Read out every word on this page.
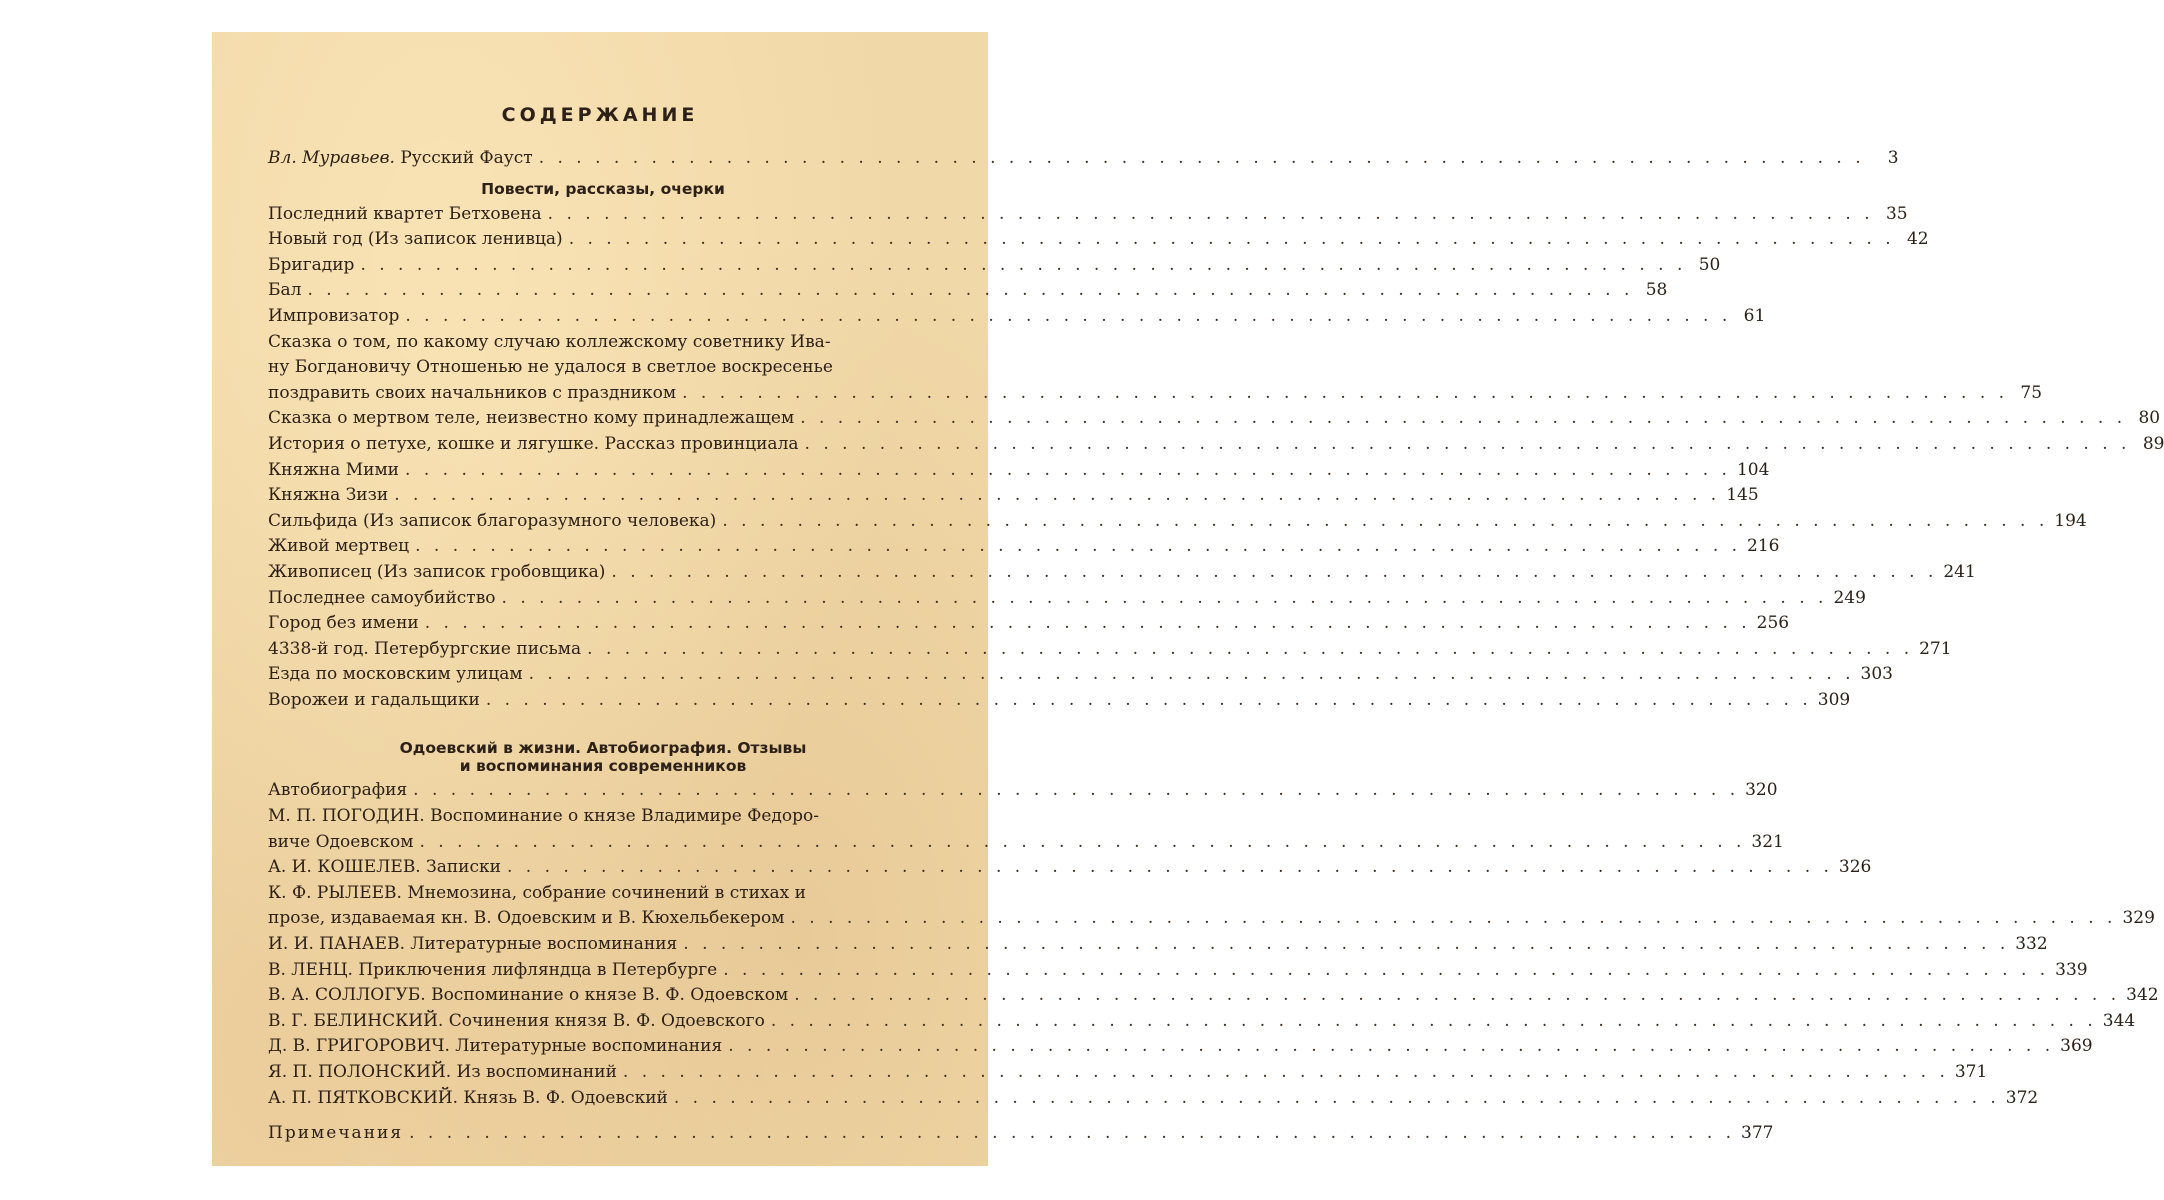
СОДЕРЖАНИЕ
Вл. Муравьев. Русский Фауст . . .	3
Повести, рассказы, очерки
Последний квартет Бетховена . . .	35
Новый год (Из записок ленивца) . . .	42
Бригадир . . .	50
Бал . . .	58
Импровизатор . . .	61
Сказка о том, по какому случаю коллежскому советнику Ива-
ну Богдановичу Отношенью не удалося в светлое воскресенье
поздравить своих начальников с праздником . . .	75
Сказка о мертвом теле, неизвестно кому принадлежащем . . .	80
История о петухе, кошке и лягушке. Рассказ провинциала . . .	89
Княжна Мими . . .	104
Княжна Зизи . . .	145
Сильфида (Из записок благоразумного человека) . . .	194
Живой мертвец . . .	216
Живописец (Из записок гробовщика) . . .	241
Последнее самоубийство . . .	249
Город без имени . . .	256
4338-й год. Петербургские письма . . .	271
Езда по московским улицам . . .	303
Ворожеи и гадальщики . . .	309
Одоевский в жизни. Автобиография. Отзывы
и воспоминания современников
Автобиография . . .	320
М. П. ПОГОДИН. Воспоминание о князе Владимире Федоро-
виче Одоевском . . .	321
А. И. КОШЕЛЕВ. Записки . . .	326
К. Ф. РЫЛЕЕВ. Мнемозина, собрание сочинений в стихах и
прозе, издаваемая кн. В. Одоевским и В. Кюхельбекером . . .	329
И. И. ПАНАЕВ. Литературные воспоминания . . .	332
В. ЛЕНЦ. Приключения лифляндца в Петербурге . . .	339
В. А. СОЛЛОГУБ. Воспоминание о князе В. Ф. Одоевском . . .	342
В. Г. БЕЛИНСКИЙ. Сочинения князя В. Ф. Одоевского . . .	344
Д. В. ГРИГОРОВИЧ. Литературные воспоминания . . .	369
Я. П. ПОЛОНСКИЙ. Из воспоминаний . . .	371
А. П. ПЯТКОВСКИЙ. Князь В. Ф. Одоевский . . .	372
Примечания . . .	377
